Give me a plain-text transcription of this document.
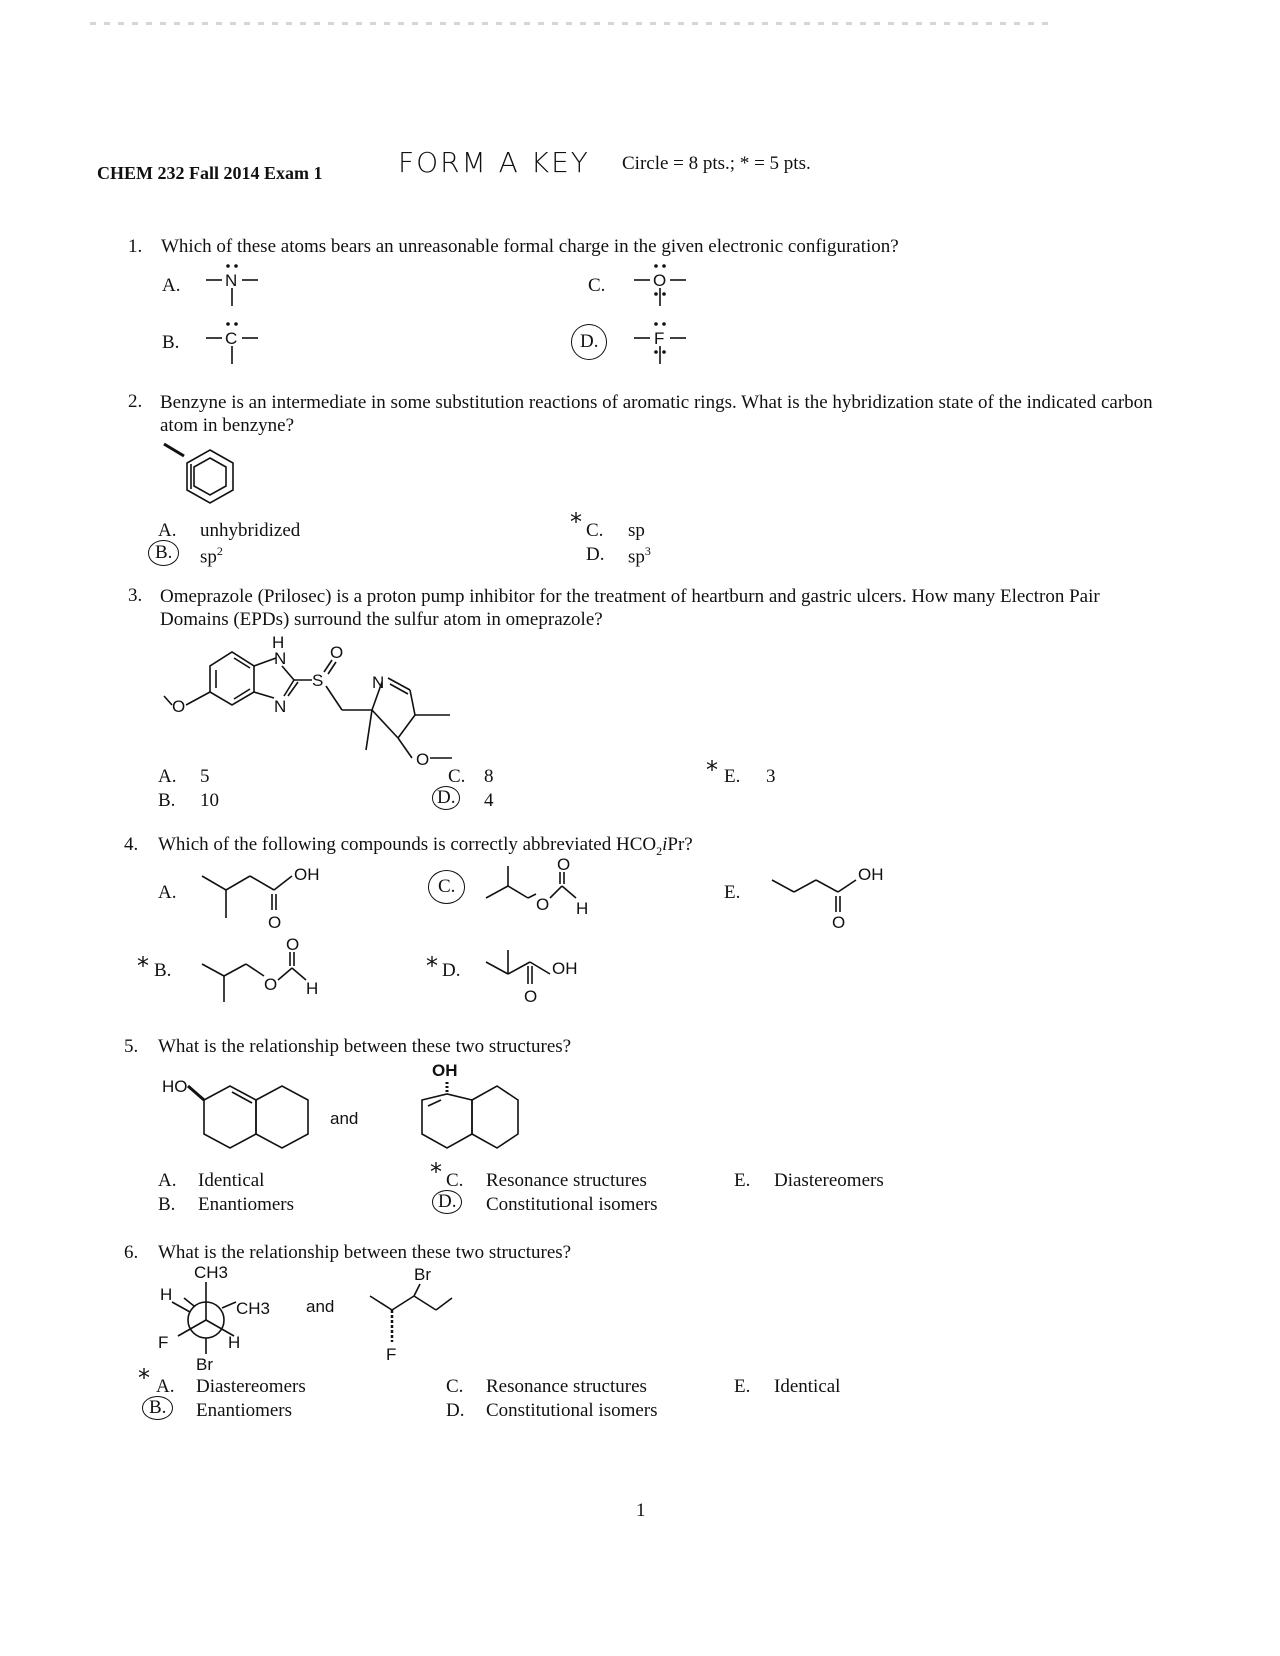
CHEM 232 Fall 2014 Exam 1	FORM A KEY Circle = 8 pts.; * = 5 pts.
1. Which of these atoms bears an unreasonable formal charge in the given electronic configuration?
A.
B.
C.
D.
N
C
O
F
2. Benzyne is an intermediate in some substitution reactions of aromatic rings. What is the hybridization state of the indicated carbon atom in benzyne?
A. unhybridized
B.	$sp^2$
* C. sp
D. $sp^3$
3. Omeprazole (Prilosec) is a proton pump inhibitor for the treatment of heartburn and gastric ulcers. How many Electron Pair Domains (EPDs) surround the sulfur atom in omeprazole?
O
H
N
N
S
O
N
O
A. 5
B. 10
C. 8
D. 4
* E. 3
4. Which of the following compounds is correctly abbreviated $HCO_2iPr$?
A.
OH
O
C.
O
O
H
E.
OH
O
* B.
O
O
H
* D.	OH
O
5. What is the relationship between these two structures?
HO
and
OH
A. Identical
B. Enantiomers
* C. Resonance structures
D.	Constitutional isomers
E. Diastereomers
6. What is the relationship between these two structures?
CH3
H
CH3
F	H
Br
and
Br
F
* A. Diastereomers
B.	Enantiomers
C. Resonance structures
D. Constitutional isomers
E. Identical
1
